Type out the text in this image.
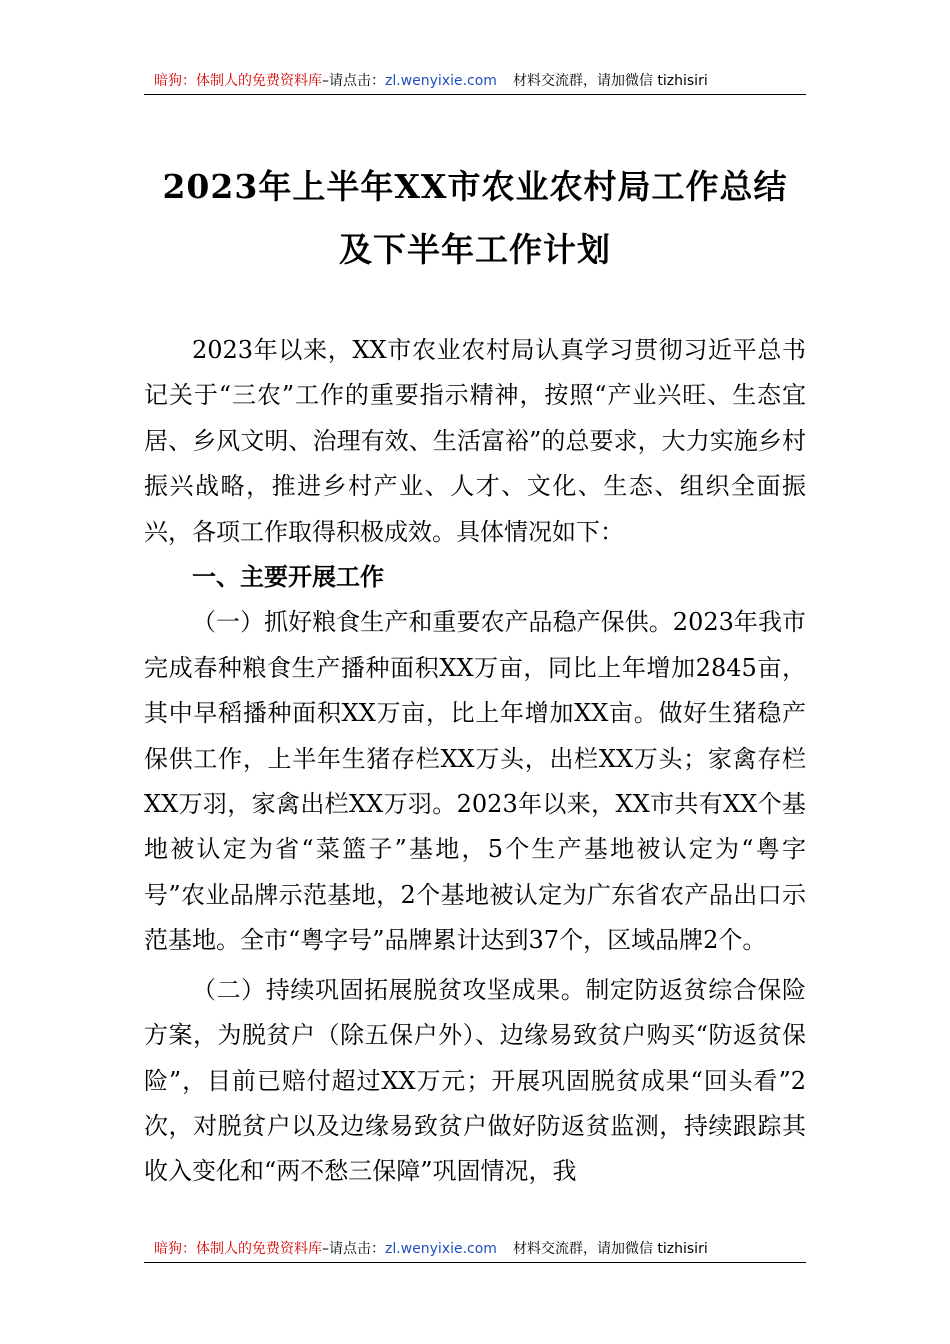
暗狗：体制人的免费资料库–请点击：zl.wenyixie.com 材料交流群，请加微信 tizhisiri
2023年上半年XX市农业农村局工作总结
及下半年工作计划

2023年以来，XX市农业农村局认真学习贯彻习近平总书记关于“三农”工作的重要指示精神，按照“产业兴旺、生态宜居、乡风文明、治理有效、生活富裕”的总要求，大力实施乡村振兴战略，推进乡村产业、人才、文化、生态、组织全面振兴，各项工作取得积极成效。具体情况如下：

一、主要开展工作

（一）抓好粮食生产和重要农产品稳产保供。2023年我市完成春种粮食生产播种面积XX万亩，同比上年增加2845亩，其中早稻播种面积XX万亩，比上年增加XX亩。做好生猪稳产保供工作，上半年生猪存栏XX万头，出栏XX万头；家禽存栏XX万羽，家禽出栏XX万羽。2023年以来，XX市共有XX个基地被认定为省“菜篮子”基地，5个生产基地被认定为“粤字号”农业品牌示范基地，2个基地被认定为广东省农产品出口示范基地。全市“粤字号”品牌累计达到37个，区域品牌2个。

（二）持续巩固拓展脱贫攻坚成果。制定防返贫综合保险方案，为脱贫户（除五保户外）、边缘易致贫户购买“防返贫保险”，目前已赔付超过XX万元；开展巩固脱贫成果“回头看”2次，对脱贫户以及边缘易致贫户做好防返贫监测，持续跟踪其收入变化和“两不愁三保障”巩固情况，我

暗狗：体制人的免费资料库–请点击：zl.wenyixie.com 材料交流群，请加微信 tizhisiri
